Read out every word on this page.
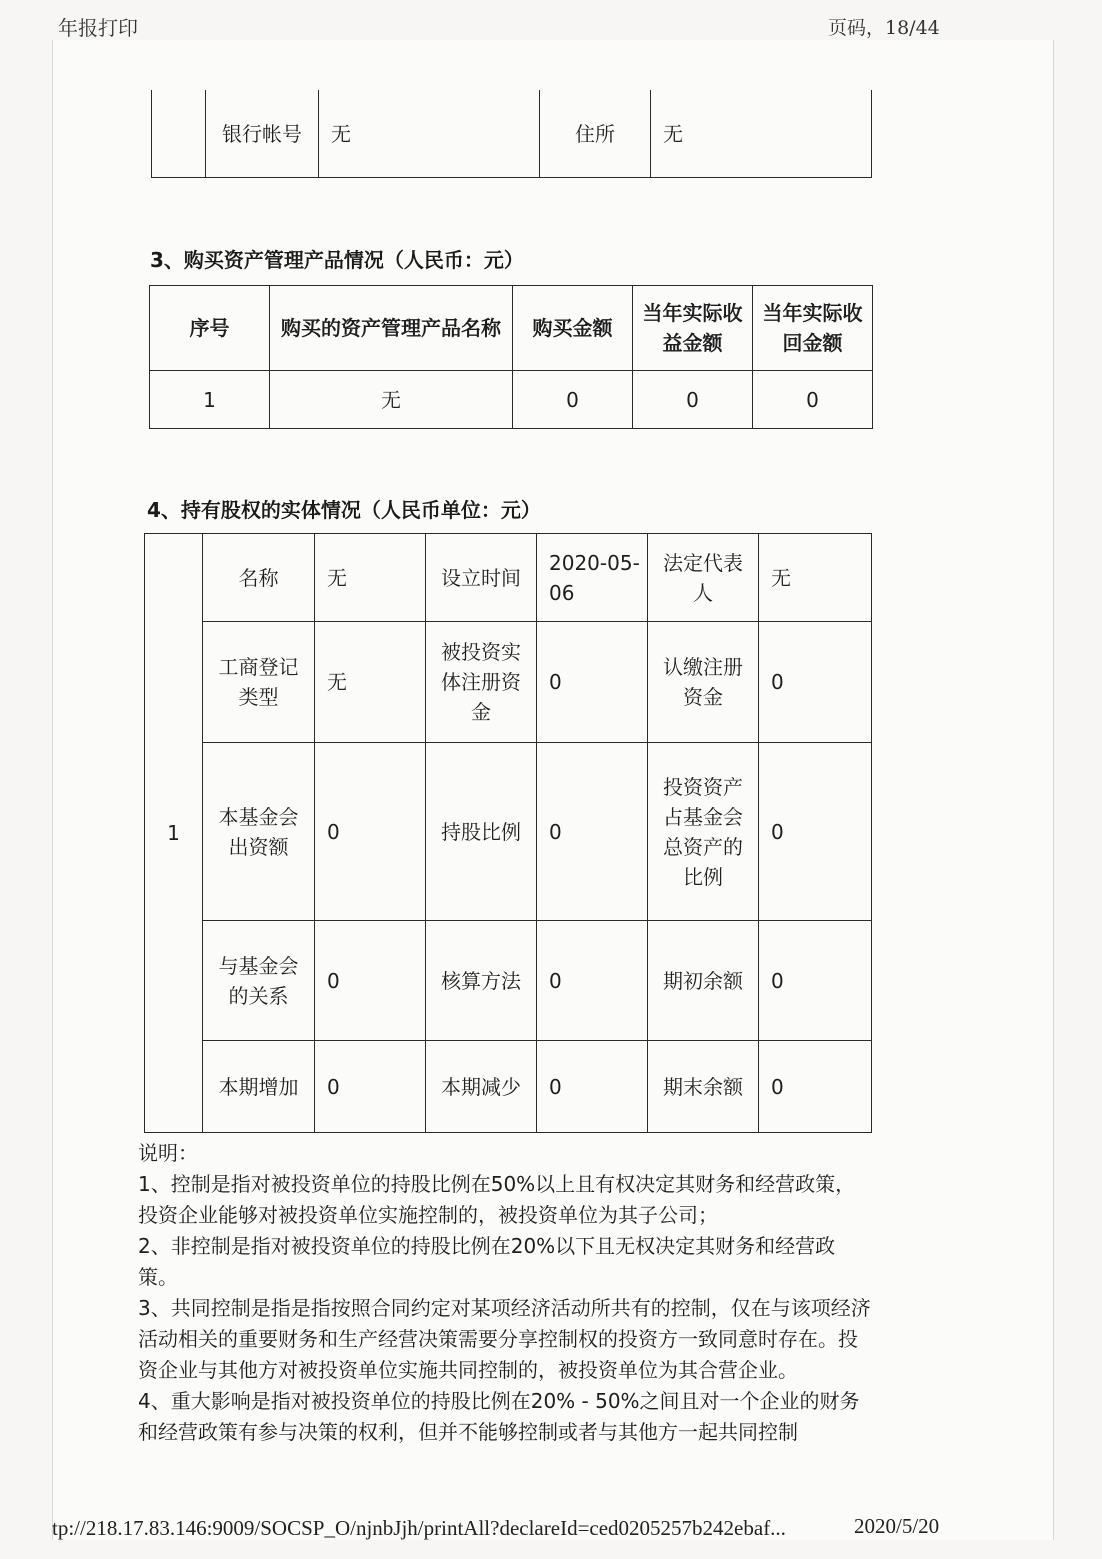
年报打印	页码，18/44
	银行帐号	无	住所	无
3、购买资产管理产品情况（人民币：元）
序号	购买的资产管理产品名称	购买金额	当年实际收益金额	当年实际收回金额
1	无	0	0	0
4、持有股权的实体情况（人民币单位：元）
1	名称	无	设立时间	2020-05-06	法定代表人	无
	工商登记类型	无	被投资实体注册资金	0	认缴注册资金	0
	本基金会出资额	0	持股比例	0	投资资产占基金会总资产的比例	0
	与基金会的关系	0	核算方法	0	期初余额	0
	本期增加	0	本期减少	0	期末余额	0

说明：

1、控制是指对被投资单位的持股比例在50%以上且有权决定其财务和经营政策，投资企业能够对被投资单位实施控制的，被投资单位为其子公司；

2、非控制是指对被投资单位的持股比例在20%以下且无权决定其财务和经营政策。

3、共同控制是指是指按照合同约定对某项经济活动所共有的控制，仅在与该项经济活动相关的重要财务和生产经营决策需要分享控制权的投资方一致同意时存在。投资企业与其他方对被投资单位实施共同控制的，被投资单位为其合营企业。

4、重大影响是指对被投资单位的持股比例在20% - 50%之间且对一个企业的财务和经营政策有参与决策的权利，但并不能够控制或者与其他方一起共同控制

tp://218.17.83.146:9009/SOCSP_O/njnbJjh/printAll?declareId=ced0205257b242ebaf...	2020/5/20
